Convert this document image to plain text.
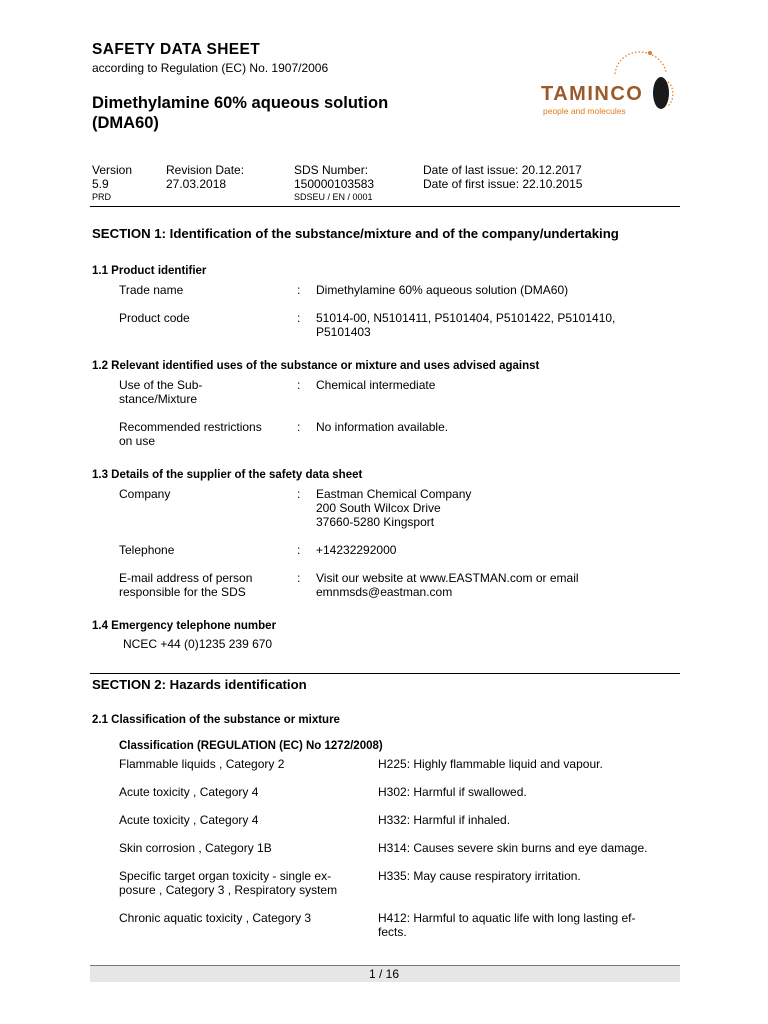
SAFETY DATA SHEET
according to Regulation (EC) No. 1907/2006
Dimethylamine 60% aqueous solution
(DMA60)
TAMINCO
people and molecules
Version
5.9
PRD
Revision Date:
27.03.2018
SDS Number:
150000103583
SDSEU / EN / 0001
Date of last issue: 20.12.2017
Date of first issue: 22.10.2015
SECTION 1: Identification of the substance/mixture and of the company/undertaking
1.1 Product identifier
Trade name	: Dimethylamine 60% aqueous solution (DMA60)
Product code	: 51014-00, N5101411, P5101404, P5101422, P5101410,
P5101403
1.2 Relevant identified uses of the substance or mixture and uses advised against
Use of the Sub-
stance/Mixture
: Chemical intermediate
Recommended restrictions
on use
: No information available.
1.3 Details of the supplier of the safety data sheet
Company	: Eastman Chemical Company
200 South Wilcox Drive
37660-5280 Kingsport
Telephone	: +14232292000
E-mail address of person
responsible for the SDS
: Visit our website at www.EASTMAN.com or email
emnmsds@eastman.com
1.4 Emergency telephone number
NCEC +44 (0)1235 239 670
SECTION 2: Hazards identification
2.1 Classification of the substance or mixture
Classification (REGULATION (EC) No 1272/2008)
Flammable liquids , Category 2	H225: Highly flammable liquid and vapour.
Acute toxicity , Category 4	H302: Harmful if swallowed.
Acute toxicity , Category 4	H332: Harmful if inhaled.
Skin corrosion , Category 1B	H314: Causes severe skin burns and eye damage.
Specific target organ toxicity - single ex-
posure , Category 3 , Respiratory system
H335: May cause respiratory irritation.
Chronic aquatic toxicity , Category 3	H412: Harmful to aquatic life with long lasting ef-
fects.
1 / 16
